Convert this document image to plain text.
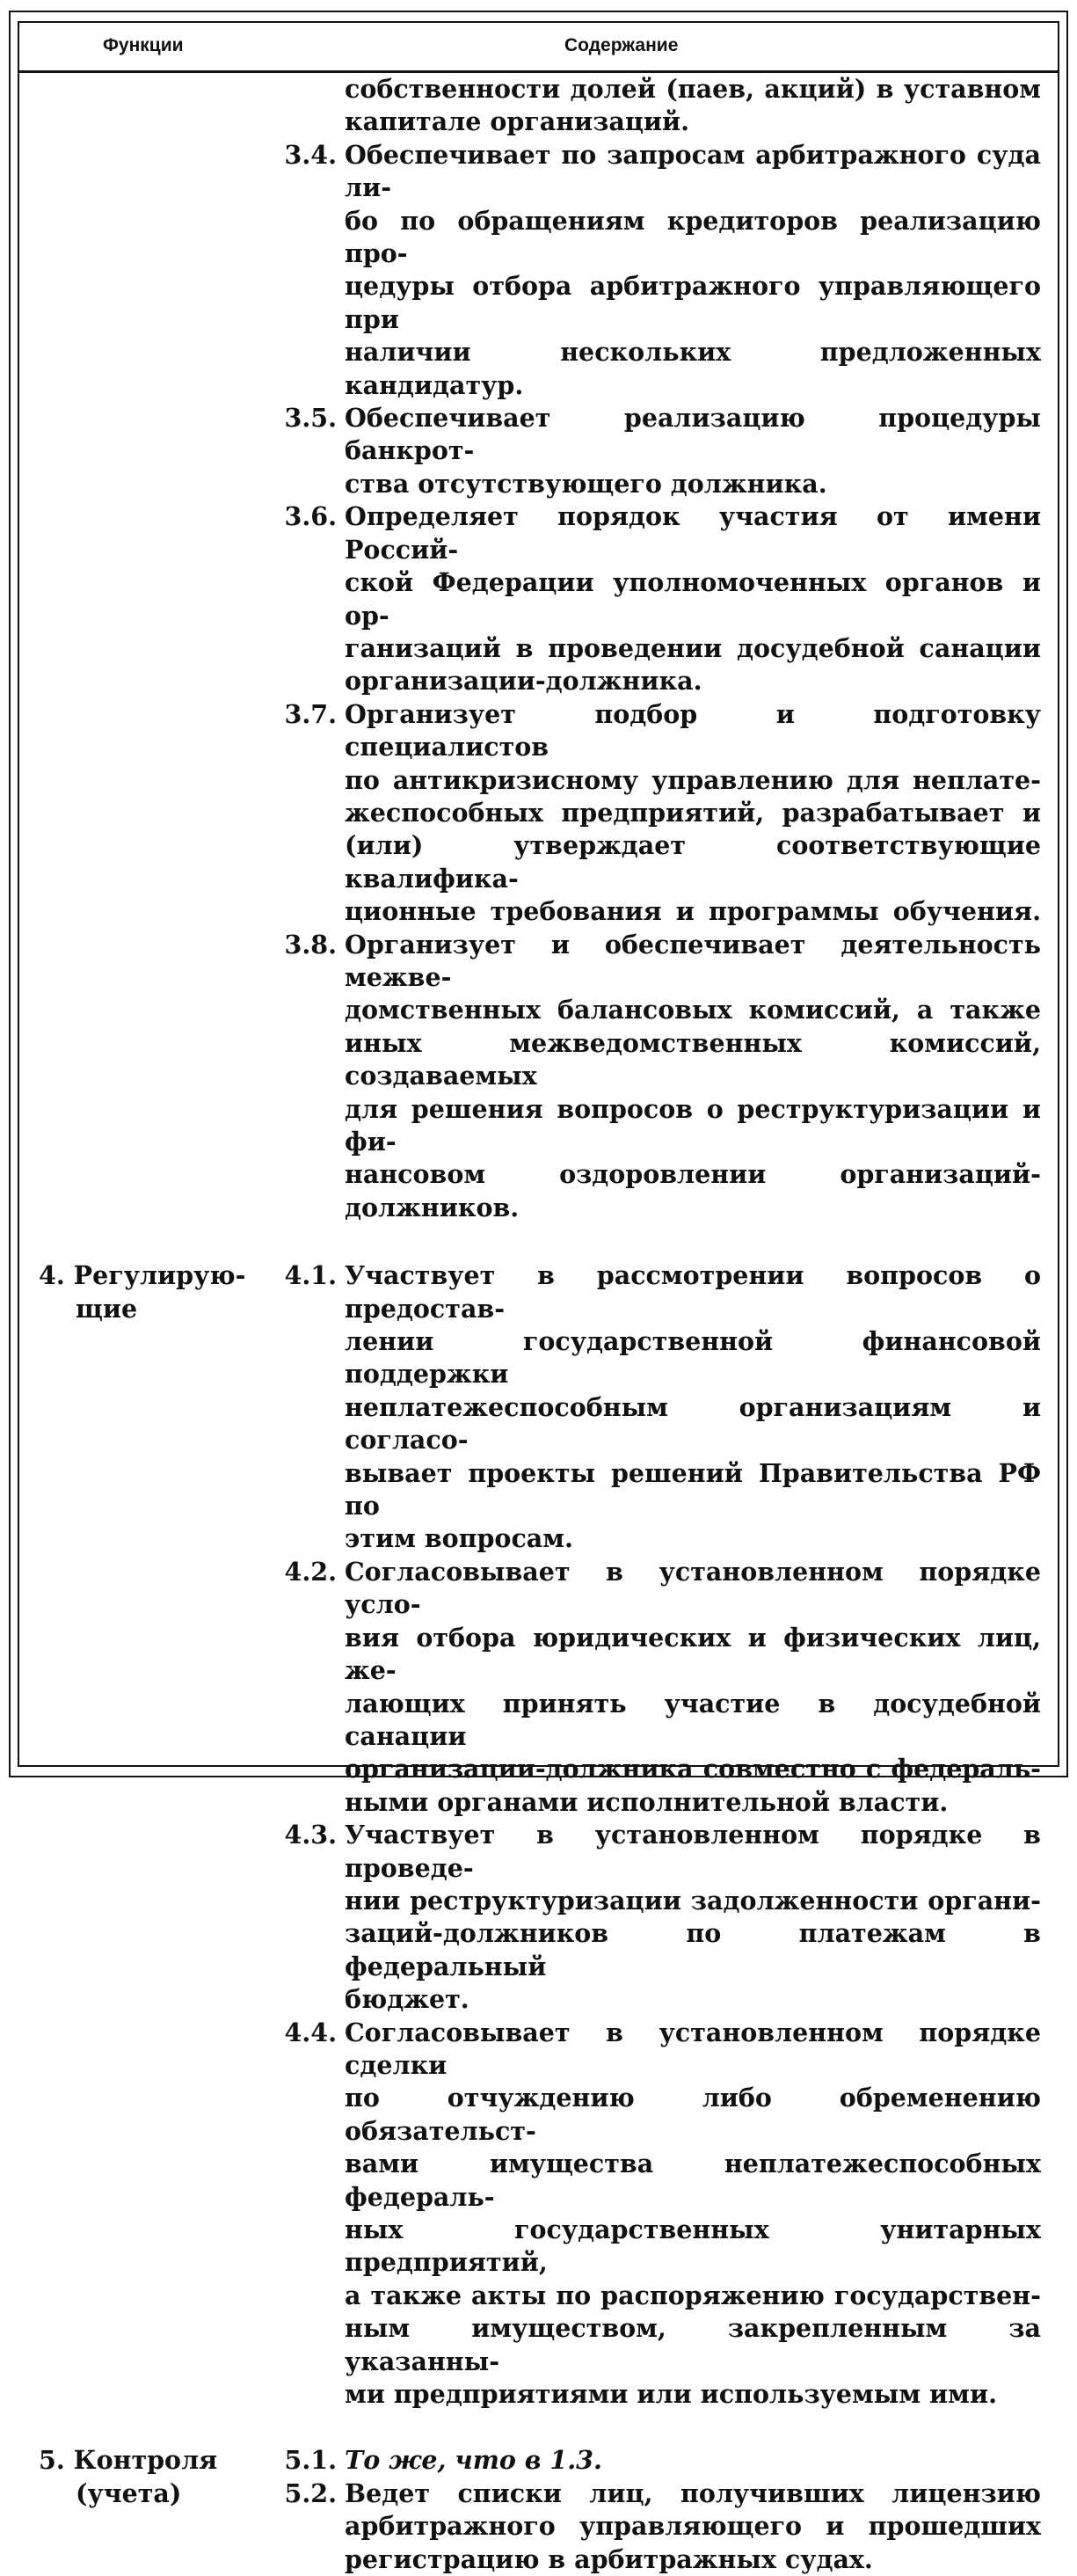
Функции	Содержание
собственности долей (паев, акций) в уставном
капитале организаций.
3.4. Обеспечивает по запросам арбитражного суда ли-
бо по обращениям кредиторов реализацию про-
цедуры отбора арбитражного управляющего при
наличии нескольких предложенных кандидатур.
3.5. Обеспечивает реализацию процедуры банкрот-
ства отсутствующего должника.
3.6. Определяет порядок участия от имени Россий-
ской Федерации уполномоченных органов и ор-
ганизаций в проведении досудебной санации
организации-должника.
3.7. Организует подбор и подготовку специалистов
по антикризисному управлению для неплате-
жеспособных предприятий, разрабатывает и
(или) утверждает соответствующие квалифика-
ционные требования и программы обучения.
3.8. Организует и обеспечивает деятельность межве-
домственных балансовых комиссий, а также
иных межведомственных комиссий, создаваемых
для решения вопросов о реструктуризации и фи-
нансовом оздоровлении организаций-должников.
4. Регулирую-
щие
4.1. Участвует в рассмотрении вопросов о предостав-
лении государственной финансовой поддержки
неплатежеспособным организациям и согласо-
вывает проекты решений Правительства РФ по
этим вопросам.
4.2. Согласовывает в установленном порядке усло-
вия отбора юридических и физических лиц, же-
лающих принять участие в досудебной санации
организации-должника совместно с федераль-
ными органами исполнительной власти.
4.3. Участвует в установленном порядке в проведе-
нии реструктуризации задолженности органи-
заций-должников по платежам в федеральный
бюджет.
4.4. Согласовывает в установленном порядке сделки
по отчуждению либо обременению обязательст-
вами имущества неплатежеспособных федераль-
ных государственных унитарных предприятий,
а также акты по распоряжению государствен-
ным имуществом, закрепленным за указанны-
ми предприятиями или используемым ими.
5. Контроля
(учета)
5.1. То же, что в 1.3.
5.2. Ведет списки лиц, получивших лицензию
арбитражного управляющего и прошедших
регистрацию в арбитражных судах.
